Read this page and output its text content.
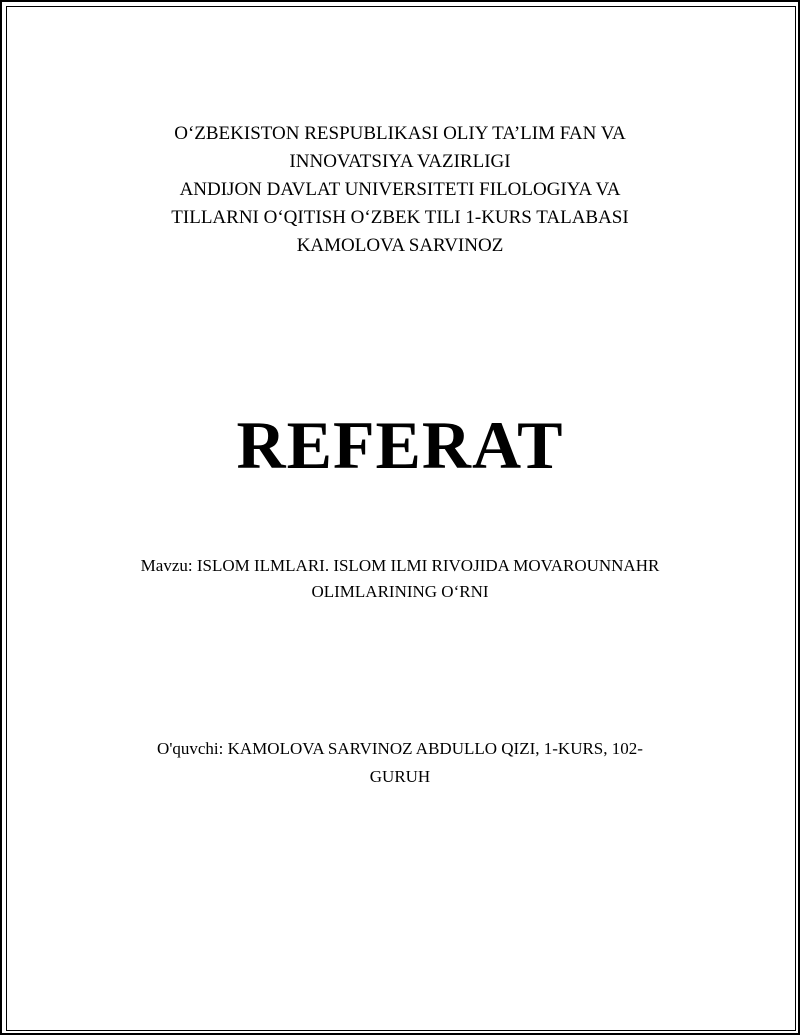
O‘ZBEKISTON RESPUBLIKASI OLIY TA’LIM FAN VA
INNOVATSIYA VAZIRLIGI
ANDIJON DAVLAT UNIVERSITETI FILOLOGIYA VA
TILLARNI O‘QITISH O‘ZBEK TILI 1-KURS TALABASI
KAMOLOVA SARVINOZ
REFERAT
Mavzu: ISLOM ILMLARI. ISLOM ILMI RIVOJIDA MOVAROUNNAHR
OLIMLARINING O‘RNI
O'quvchi: KAMOLOVA SARVINOZ ABDULLO QIZI, 1-KURS, 102-
GURUH
